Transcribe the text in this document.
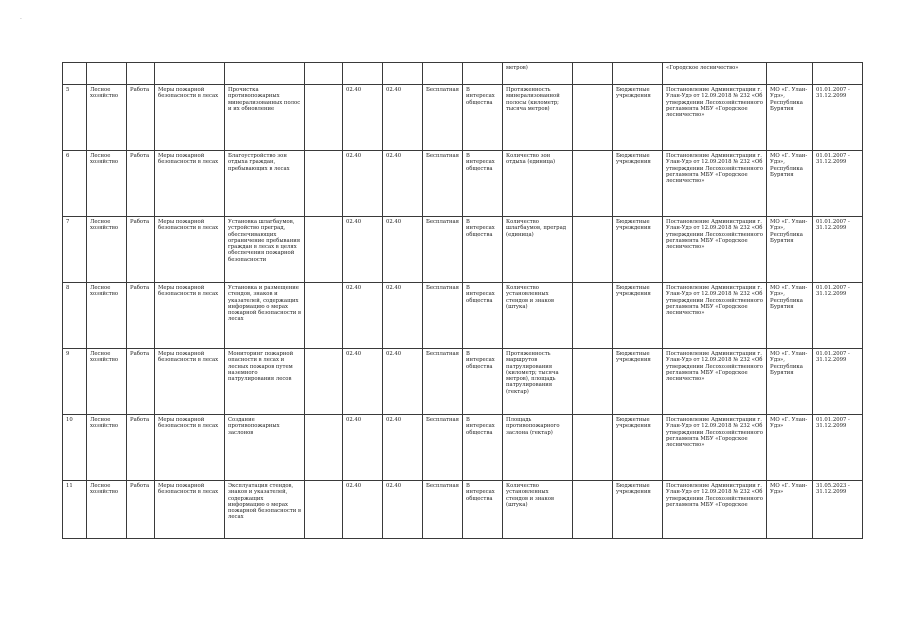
·
										метров)			«Городское лесничество»		
5	Лесное хозяйство	Работа	Меры пожарной безопасности в лесах	Прочистка противопожарных минерализованных полос и их обновление		02.40	02.40	Бесплатная	В интересах общества	Протяженность минерализованной полосы (километр; тысяча метров)		Бюджетные учреждения	Постановление Администрации г. Улан-Удэ от 12.09.2018 № 232 «Об утверждении Лесохозяйственного регламента МБУ «Городское лесничество»	МО «Г. Улан-Удэ», Республика Бурятия	01.01.2007 - 31.12.2099
6	Лесное хозяйство	Работа	Меры пожарной безопасности в лесах	Благоустройство зон отдыха граждан, пребывающих в лесах		02.40	02.40	Бесплатная	В интересах общества	Количество зон отдыха (единица)		Бюджетные учреждения	Постановление Администрации г. Улан-Удэ от 12.09.2018 № 232 «Об утверждении Лесохозяйственного регламента МБУ «Городское лесничество»	МО «Г. Улан-Удэ», Республика Бурятия	01.01.2007 - 31.12.2099
7	Лесное хозяйство	Работа	Меры пожарной безопасности в лесах	Установка шлагбаумов, устройство преград, обеспечивающих ограничение пребывания граждан в лесах в целях обеспечения пожарной безопасности		02.40	02.40	Бесплатная	В интересах общества	Количество шлагбаумов, преград (единица)		Бюджетные учреждения	Постановление Администрации г. Улан-Удэ от 12.09.2018 № 232 «Об утверждении Лесохозяйственного регламента МБУ «Городское лесничество»	МО «Г. Улан-Удэ», Республика Бурятия	01.01.2007 - 31.12.2099
8	Лесное хозяйство	Работа	Меры пожарной безопасности в лесах	Установка и размещение стендов, знаков и указателей, содержащих информацию о мерах пожарной безопасности в лесах		02.40	02.40	Бесплатная	В интересах общества	Количество установленных стендов и знаков (штука)		Бюджетные учреждения	Постановление Администрации г. Улан-Удэ от 12.09.2018 № 232 «Об утверждении Лесохозяйственного регламента МБУ «Городское лесничество»	МО «Г. Улан-Удэ», Республика Бурятия	01.01.2007 - 31.12.2099
9	Лесное хозяйство	Работа	Меры пожарной безопасности в лесах	Мониторинг пожарной опасности в лесах и лесных пожаров путем наземного патрулирования лесов		02.40	02.40	Бесплатная	В интересах общества	Протяженность маршрутов патрулирования (километр; тысяча метров), площадь патрулирования (гектар)		Бюджетные учреждения	Постановление Администрации г. Улан-Удэ от 12.09.2018 № 232 «Об утверждении Лесохозяйственного регламента МБУ «Городское лесничество»	МО «Г. Улан-Удэ», Республика Бурятия	01.01.2007 - 31.12.2099
10	Лесное хозяйство	Работа	Меры пожарной безопасности в лесах	Создание противопожарных заслонов		02.40	02.40	Бесплатная	В интересах общества	Площадь противопожарного заслона (гектар)		Бюджетные учреждения	Постановление Администрации г. Улан-Удэ от 12.09.2018 № 232 «Об утверждении Лесохозяйственного регламента МБУ «Городское лесничество»	МО «Г. Улан-Удэ»	01.01.2007 - 31.12.2099
11	Лесное хозяйство	Работа	Меры пожарной безопасности в лесах	Эксплуатация стендов, знаков и указателей, содержащих информацию о мерах пожарной безопасности в лесах		02.40	02.40	Бесплатная	В интересах общества	Количество установленных стендов и знаков (штука)		Бюджетные учреждения	Постановление Администрации г. Улан-Удэ от 12.09.2018 № 232 «Об утверждении Лесохозяйственного регламента МБУ «Городское	МО «Г. Улан-Удэ»	31.05.2023 - 31.12.2099
